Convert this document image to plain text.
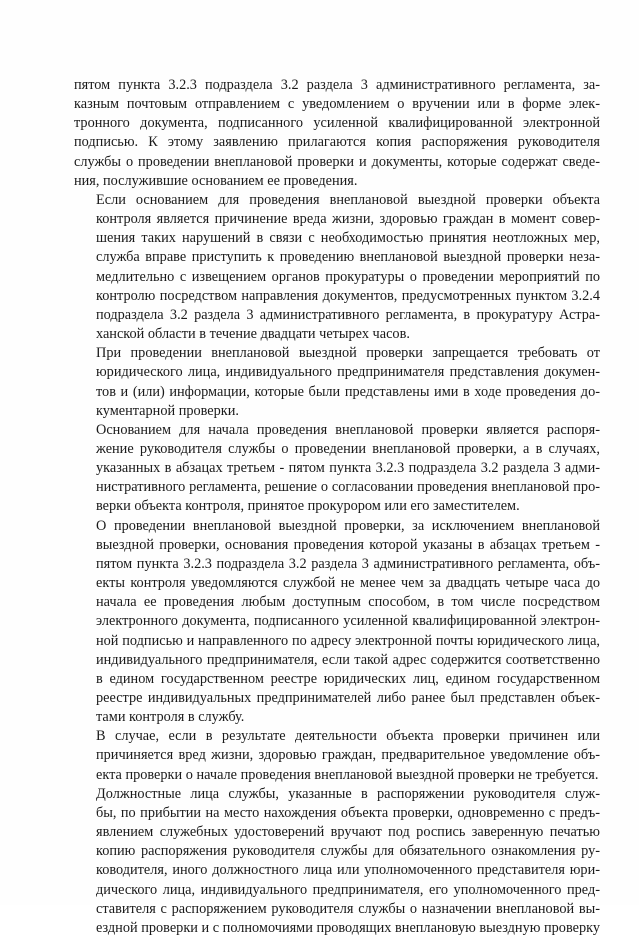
пятом пункта 3.2.3 подраздела 3.2 раздела 3 административного регламента, за-
казным почтовым отправлением с уведомлением о вручении или в форме элек-
тронного документа, подписанного усиленной квалифицированной электронной
подписью. К этому заявлению прилагаются копия распоряжения руководителя
службы о проведении внеплановой проверки и документы, которые содержат сведе-
ния, послужившие основанием ее проведения.

Если основанием для проведения внеплановой выездной проверки объекта
контроля является причинение вреда жизни, здоровью граждан в момент совер-
шения таких нарушений в связи с необходимостью принятия неотложных мер,
служба вправе приступить к проведению внеплановой выездной проверки неза-
медлительно с извещением органов прокуратуры о проведении мероприятий по
контролю посредством направления документов, предусмотренных пунктом 3.2.4
подраздела 3.2 раздела 3 административного регламента, в прокуратуру Астра-
ханской области в течение двадцати четырех часов.

При проведении внеплановой выездной проверки запрещается требовать от
юридического лица, индивидуального предпринимателя представления докумен-
тов и (или) информации, которые были представлены ими в ходе проведения до-
кументарной проверки.

Основанием для начала проведения внеплановой проверки является распоря-
жение руководителя службы о проведении внеплановой проверки, а в случаях,
указанных в абзацах третьем - пятом пункта 3.2.3 подраздела 3.2 раздела 3 адми-
нистративного регламента, решение о согласовании проведения внеплановой про-
верки объекта контроля, принятое прокурором или его заместителем.

О проведении внеплановой выездной проверки, за исключением внеплановой
выездной проверки, основания проведения которой указаны в абзацах третьем -
пятом пункта 3.2.3 подраздела 3.2 раздела 3 административного регламента, объ-
екты контроля уведомляются службой не менее чем за двадцать четыре часа до
начала ее проведения любым доступным способом, в том числе посредством
электронного документа, подписанного усиленной квалифицированной электрон-
ной подписью и направленного по адресу электронной почты юридического лица,
индивидуального предпринимателя, если такой адрес содержится соответственно
в едином государственном реестре юридических лиц, едином государственном
реестре индивидуальных предпринимателей либо ранее был представлен объек-
тами контроля в службу.

В случае, если в результате деятельности объекта проверки причинен или
причиняется вред жизни, здоровью граждан, предварительное уведомление объ-
екта проверки о начале проведения внеплановой выездной проверки не требуется.

Должностные лица службы, указанные в распоряжении руководителя служ-
бы, по прибытии на место нахождения объекта проверки, одновременно с предъ-
явлением служебных удостоверений вручают под роспись заверенную печатью
копию распоряжения руководителя службы для обязательного ознакомления ру-
ководителя, иного должностного лица или уполномоченного представителя юри-
дического лица, индивидуального предпринимателя, его уполномоченного пред-
ставителя с распоряжением руководителя службы о назначении внеплановой вы-
ездной проверки и с полномочиями проводящих внеплановую выездную проверку
